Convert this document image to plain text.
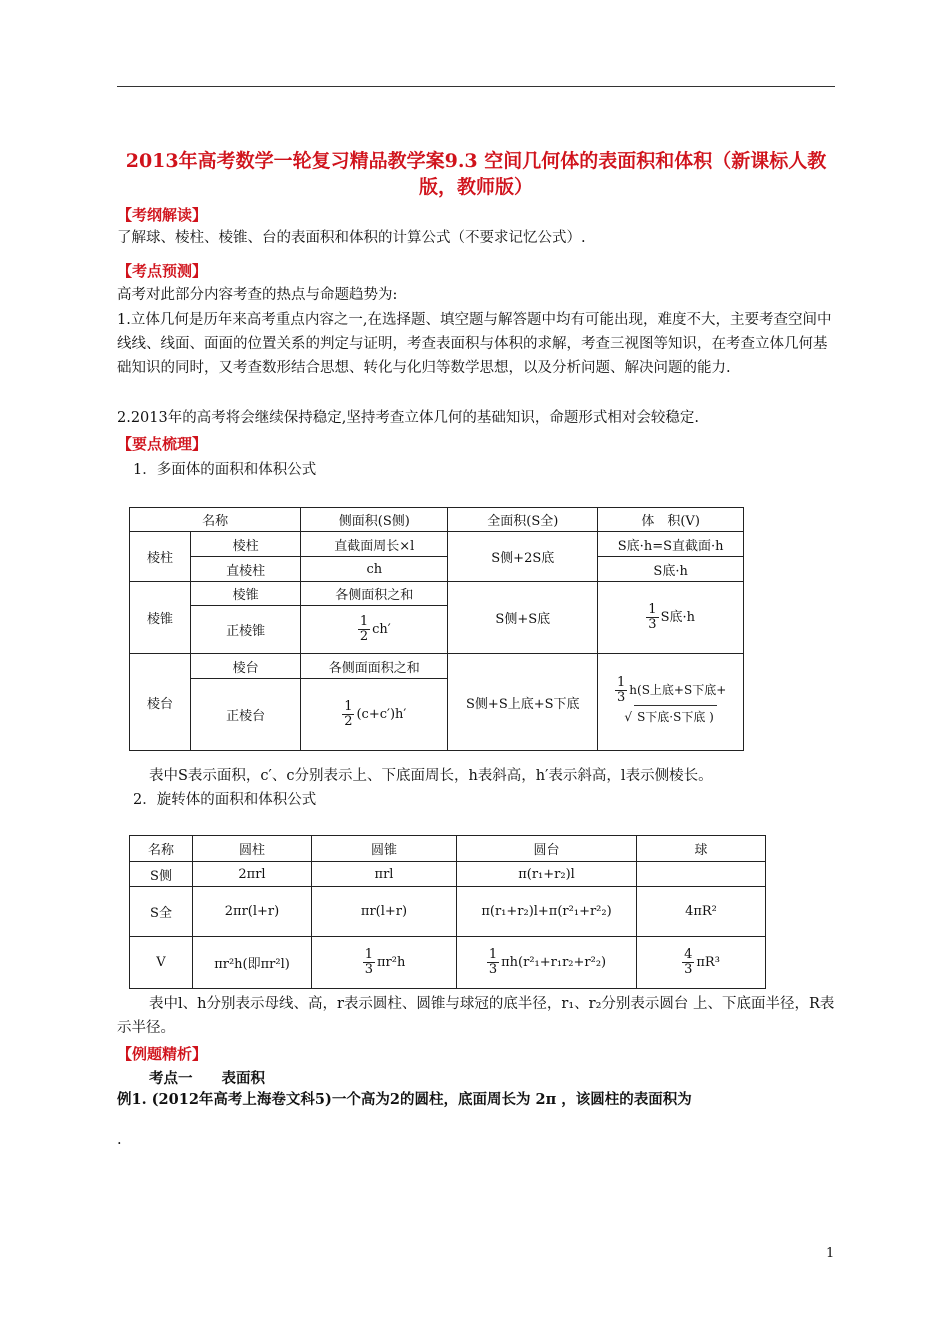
2013年高考数学一轮复习精品教学案9.3 空间几何体的表面积和体积（新课标人教版，教师版）
【考纲解读】
了解球、棱柱、棱锥、台的表面积和体积的计算公式（不要求记忆公式）.
【考点预测】
高考对此部分内容考查的热点与命题趋势为:
1.立体几何是历年来高考重点内容之一,在选择题、填空题与解答题中均有可能出现，难度不大，主要考查空间中线线、线面、面面的位置关系的判定与证明，考查表面积与体积的求解，考查三视图等知识，在考查立体几何基础知识的同时，又考查数形结合思想、转化与化归等数学思想，以及分析问题、解决问题的能力.
2.2013年的高考将会继续保持稳定,坚持考查立体几何的基础知识，命题形式相对会较稳定.
【要点梳理】
1．多面体的面积和体积公式
名称		侧面积(S侧)	全面积(S全)	体　积(V)
棱柱	棱柱	直截面周长×l	S侧+2S底	S底·h=S直截面·h
	直棱柱	ch		S底·h
棱锥	棱锥	各侧面积之和	S侧+S底	$\frac{1}{3}$ S底·h
	正棱锥	$\frac{1}{2} ch'$		
棱台	棱台	各侧面面积之和	S侧+S上底+S下底	$\frac{1}{3} h(S$上底+S下底+
√ S下底·S下底 )
	正棱台	$\frac{1}{2} (c+c')h'$		
表中S表示面积，c′、c分别表示上、下底面周长，h表斜高，h′表示斜高，l表示侧棱长。
2．旋转体的面积和体积公式
名称	圆柱	圆锥	圆台	球
S侧	2πrl	πrl	π(r₁+r₂)l	
S全	2πr(l+r)	πr(l+r)	π(r₁+r₂)l+π(r²₁+r²₂)	4πR²
V	πr²h(即πr²l)	$\frac{1}{3} \pi r^2h$	$\frac{1}{3} \pi h(r^2_1+r_1r_2+r^2_2)$	$\frac{4}{3} \pi R^3$
表中l、h分别表示母线、高，r表示圆柱、圆锥与球冠的底半径，r₁、r₂分别表示圆台 上、下底面半径，R表示半径。
【例题精析】
考点一　　表面积
例1. (2012年高考上海卷文科5)一个高为2的圆柱，底面周长为 2π ，该圆柱的表面积为
.
1
